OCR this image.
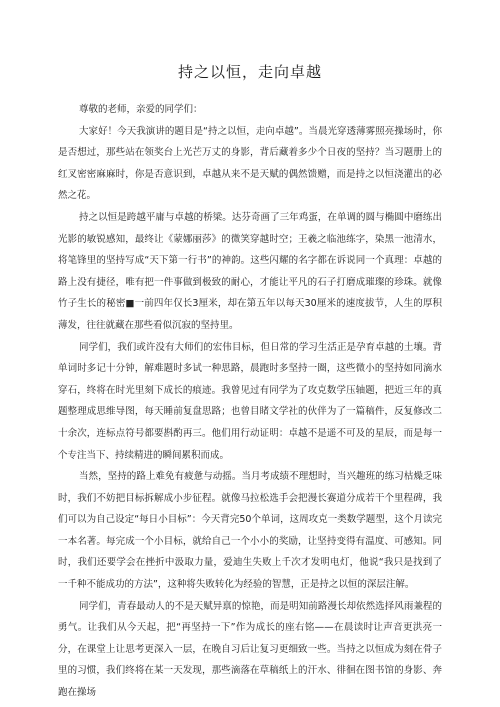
持之以恒，走向卓越

尊敬的老师，亲爱的同学们：

大家好！今天我演讲的题目是“持之以恒，走向卓越”。当晨光穿透薄雾照亮操场时，你是否想过，那些站在领奖台上光芒万丈的身影，背后藏着多少个日夜的坚持？当习题册上的红叉密密麻麻时，你是否意识到，卓越从来不是天赋的偶然馈赠，而是持之以恒浇灌出的必然之花。

持之以恒是跨越平庸与卓越的桥梁。达芬奇画了三年鸡蛋，在单调的圆与椭圆中磨练出光影的敏锐感知，最终让《蒙娜丽莎》的微笑穿越时空；王羲之临池练字，染黑一池清水，将笔锋里的坚持写成“天下第一行书”的神韵。这些闪耀的名字都在诉说同一个真理：卓越的路上没有捷径，唯有把一件事做到极致的耐心，才能让平凡的石子打磨成璀璨的珍珠。就像竹子生长的秘密■一前四年仅长3厘米，却在第五年以每天30厘米的速度拔节，人生的厚积薄发，往往就藏在那些看似沉寂的坚持里。

同学们，我们或许没有大师们的宏伟目标，但日常的学习生活正是孕育卓越的土壤。背单词时多记十分钟，解难题时多试一种思路，晨跑时多坚持一圈，这些微小的坚持如同滴水穿石，终将在时光里刻下成长的痕迹。我曾见过有同学为了攻克数学压轴题，把近三年的真题整理成思维导图，每天睡前复盘思路；也曾目睹文学社的伙伴为了一篇稿件，反复修改二十余次，连标点符号都要斟酌再三。他们用行动证明：卓越不是遥不可及的星辰，而是每一个专注当下、持续精进的瞬间累积而成。

当然，坚持的路上难免有疲惫与动摇。当月考成绩不理想时，当兴趣班的练习枯燥乏味时，我们不妨把目标拆解成小步征程。就像马拉松选手会把漫长赛道分成若干个里程碑，我们可以为自己设定“每日小目标”：今天背完50个单词，这周攻克一类数学题型，这个月读完一本名著。每完成一个小目标，就给自己一个小小的奖励，让坚持变得有温度、可感知。同时，我们还要学会在挫折中汲取力量，爱迪生失败上千次才发明电灯，他说“我只是找到了一千种不能成功的方法”，这种将失败转化为经验的智慧，正是持之以恒的深层注解。

同学们，青春最动人的不是天赋异禀的惊艳，而是明知前路漫长却依然选择风雨兼程的勇气。让我们从今天起，把“再坚持一下”作为成长的座右铭——在晨读时让声音更洪亮一分，在课堂上让思考更深入一层，在晚自习后让复习更细致一些。当持之以恒成为刻在骨子里的习惯，我们终将在某一天发现，那些滴落在草稿纸上的汗水、徘徊在图书馆的身影、奔跑在操场
